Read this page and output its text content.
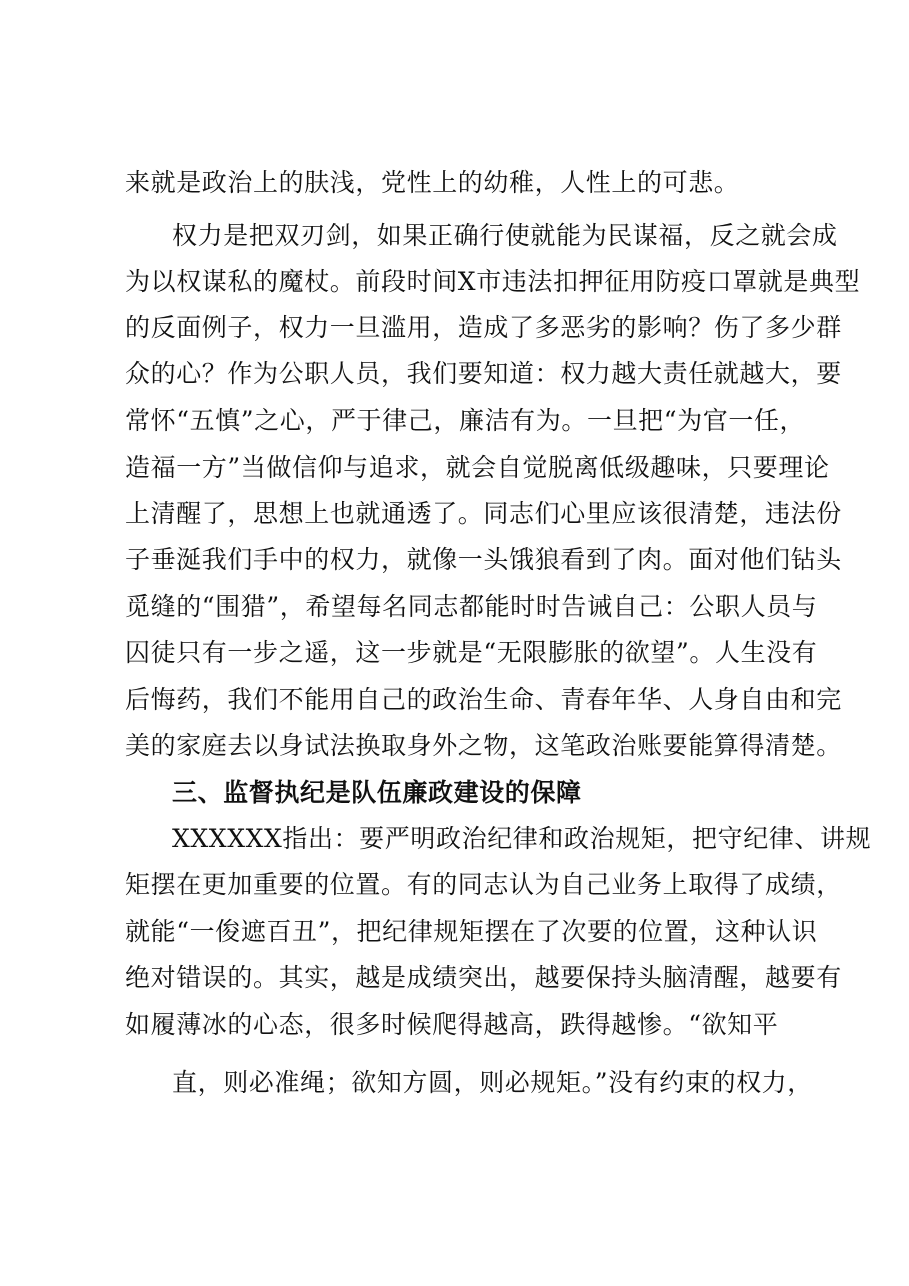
来就是政治上的肤浅，党性上的幼稚，人性上的可悲。
权力是把双刃剑，如果正确行使就能为民谋福，反之就会成
为以权谋私的魔杖。前段时间X市违法扣押征用防疫口罩就是典型
的反面例子，权力一旦滥用，造成了多恶劣的影响？伤了多少群
众的心？作为公职人员，我们要知道：权力越大责任就越大，要
常怀“五慎”之心，严于律己，廉洁有为。一旦把“为官一任，
造福一方”当做信仰与追求，就会自觉脱离低级趣味，只要理论
上清醒了，思想上也就通透了。同志们心里应该很清楚，违法份
子垂涎我们手中的权力，就像一头饿狼看到了肉。面对他们钻头
觅缝的“围猎”，希望每名同志都能时时告诫自己：公职人员与
囚徒只有一步之遥，这一步就是“无限膨胀的欲望”。人生没有
后悔药，我们不能用自己的政治生命、青春年华、人身自由和完
美的家庭去以身试法换取身外之物，这笔政治账要能算得清楚。
三、监督执纪是队伍廉政建设的保障
XXXXXX指出：要严明政治纪律和政治规矩，把守纪律、讲规
矩摆在更加重要的位置。有的同志认为自己业务上取得了成绩，
就能“一俊遮百丑”，把纪律规矩摆在了次要的位置，这种认识
绝对错误的。其实，越是成绩突出，越要保持头脑清醒，越要有
如履薄冰的心态，很多时候爬得越高，跌得越惨。“欲知平
直，则必准绳；欲知方圆，则必规矩。”没有约束的权力，
